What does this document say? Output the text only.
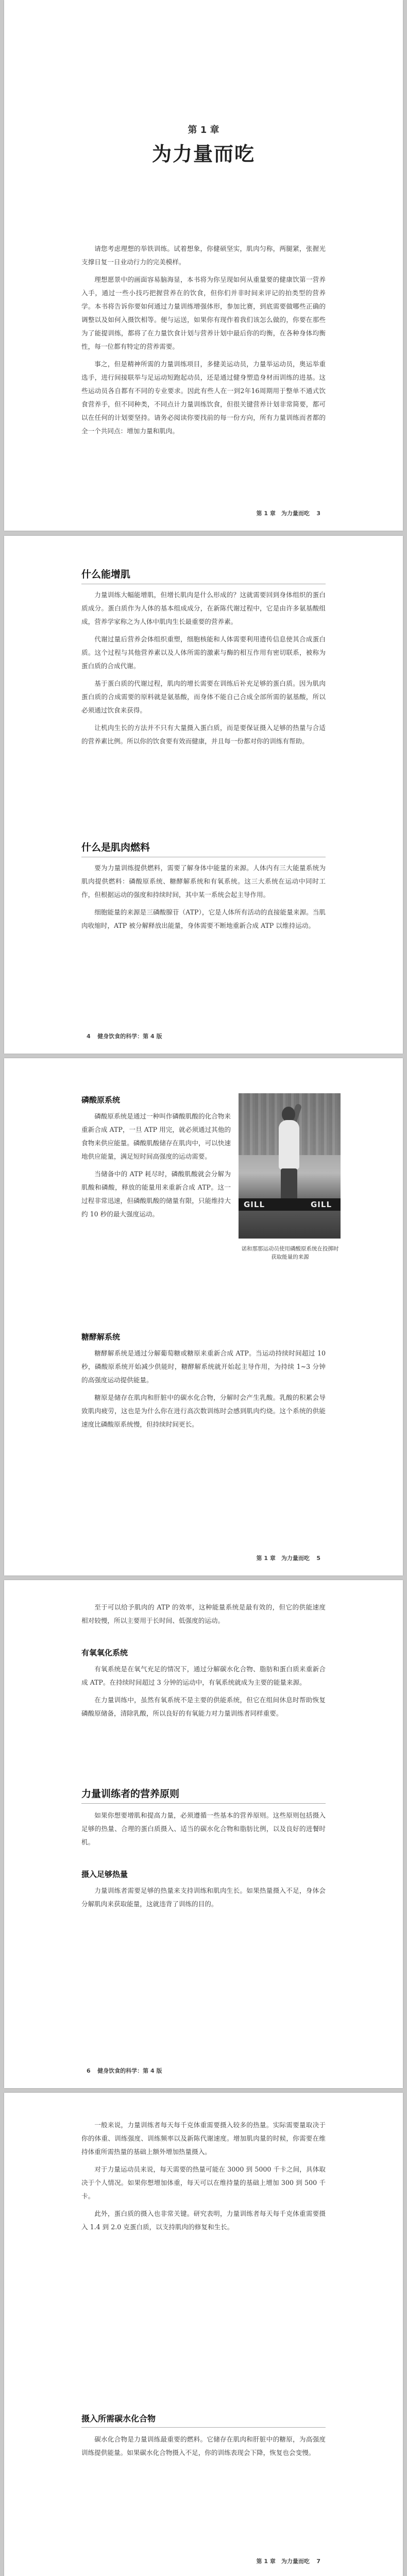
第 1 章
为力量而吃

请您考虑理想的举铁训练。试着想象，你健硕坚实，肌肉匀称，两腿紧，张握光支撑日复一日业动行力的完美模样。

理想愿景中的画面容易脑海显，本书将为你呈现如何从重量要的健康饮第一营养入手，通过一些小技巧把握营养在的饮食，但你们并非时间来评记的拍类型的营养学。本书将告诉你要如何通过力量训练增强体形，参加比赛，到底需要做哪些正确的调整以及如何入摄饮相等。便与运送，如果你有现作着我们该怎么做的，你要在那些为了能提训练，都将了在力量饮食计划与营养计划中最后你的均衡，在各种身体均衡性，每一位都有特定的营养需要。

事之，但是精神所需的力量训练项目，多健美运动员，力量举运动员，奥运举重选手，进行间接联举与足运动短跑起动员，还是通过健身塑造身材而训练的进基。这些运动员各自都有不同的专业要求。因此有些人在一到2年16周期用于整单不通式饮食营养手，但不同种类，不同点计力量训练饮食，但很关键营养计划非常简要，都可以在任何的计划要坚持。请务必阅读你要找前的每一份方向，所有力量训练而者都的全一个共同点：增加力量和肌肉。

第 1 章　为力量而吃 3
什么能增肌

力量训练大幅能增肌，但增长肌肉是什么形成的？这就需要回到身体组织的蛋白质成分。蛋白质作为人体的基本组成成分，在新陈代谢过程中，它是由许多氨基酸组成，营养学家称之为人体中肌肉生长最重要的营养素。

代谢过量后营养会体组织重塑，细胞核能和人体需要利用遗传信息使其合成蛋白质。这个过程与其他营养素以及人体所需的激素与酶的相互作用有密切联系，被称为蛋白质的合成代谢。

基于蛋白质的代谢过程，肌肉的增长需要在训练后补充足够的蛋白质。因为肌肉蛋白质的合成需要的原料就是氨基酸，而身体不能自己合成全部所需的氨基酸，所以必须通过饮食来获得。

让机肉生长的方法并不只有大量摄入蛋白质，而是要保证摄入足够的热量与合适的营养素比例。所以你的饮食要有效而健康，并且每一份都对你的训练有帮助。

什么是肌肉燃料

要为力量训练提供燃料，需要了解身体中能量的来源。人体内有三大能量系统为肌肉提供燃料：磷酸原系统、糖酵解系统和有氧系统。这三大系统在运动中同时工作，但根据运动的强度和持续时间，其中某一系统会起主导作用。

细胞能量的来源是三磷酸腺苷（ATP），它是人体所有活动的直接能量来源。当肌肉收缩时，ATP 被分解释放出能量，身体需要不断地重新合成 ATP 以维持运动。

4 健身饮食的科学：第 4 版
磷酸原系统

磷酸原系统是通过一种叫作磷酸肌酸的化合物来重新合成 ATP，一旦 ATP 用完，就必须通过其他的食物来供应能量。磷酸肌酸储存在肌肉中，可以快速地供应能量，满足短时间高强度的运动需要。

当储备中的 ATP 耗尽时，磷酸肌酸就会分解为肌酸和磷酸，释放的能量用来重新合成 ATP。这一过程非常迅速，但磷酸肌酸的储量有限，只能维持大约 10 秒的最大强度运动。

GILL	GILL
诺和那那运动员使用磷酸原系统在投掷时获取能量的来源
糖酵解系统

糖酵解系统是通过分解葡萄糖或糖原来重新合成 ATP。当运动持续时间超过 10 秒，磷酸原系统开始减少供能时，糖酵解系统就开始起主导作用，为持续 1~3 分钟的高强度运动提供能量。

糖原是储存在肌肉和肝脏中的碳水化合物，分解时会产生乳酸。乳酸的积累会导致肌肉疲劳，这也是为什么你在进行高次数训练时会感到肌肉灼烧。这个系统的供能速度比磷酸原系统慢，但持续时间更长。

第 1 章　为力量而吃 5

至于可以给予肌肉的 ATP 的效率，这种能量系统是最有效的，但它的供能速度相对较慢，所以主要用于长时间、低强度的运动。

有氧氧化系统

有氧系统是在氧气充足的情况下，通过分解碳水化合物、脂肪和蛋白质来重新合成 ATP。在持续时间超过 3 分钟的运动中，有氧系统就成为主要的能量来源。

在力量训练中，虽然有氧系统不是主要的供能系统，但它在组间休息时帮助恢复磷酸原储备，清除乳酸，所以良好的有氧能力对力量训练者同样重要。

力量训练者的营养原则

如果你想要增肌和提高力量，必须遵循一些基本的营养原则。这些原则包括摄入足够的热量、合理的蛋白质摄入、适当的碳水化合物和脂肪比例，以及良好的进餐时机。

摄入足够热量

力量训练者需要足够的热量来支持训练和肌肉生长。如果热量摄入不足，身体会分解肌肉来获取能量，这就违背了训练的目的。

6 健身饮食的科学：第 4 版

一般来说，力量训练者每天每千克体重需要摄入较多的热量。实际需要量取决于你的体重、训练强度、训练频率以及新陈代谢速度。增加肌肉量的时候，你需要在维持体重所需热量的基础上额外增加热量摄入。

对于力量运动员来说，每天需要的热量可能在 3000 到 5000 千卡之间，具体取决于个人情况。如果你想增加体重，每天可以在维持量的基础上增加 300 到 500 千卡。

此外，蛋白质的摄入也非常关键。研究表明，力量训练者每天每千克体重需要摄入 1.4 到 2.0 克蛋白质，以支持肌肉的修复和生长。

摄入所需碳水化合物

碳水化合物是力量训练最重要的燃料。它储存在肌肉和肝脏中的糖原，为高强度训练提供能量。如果碳水化合物摄入不足，你的训练表现会下降，恢复也会变慢。

第 1 章　为力量而吃 7
